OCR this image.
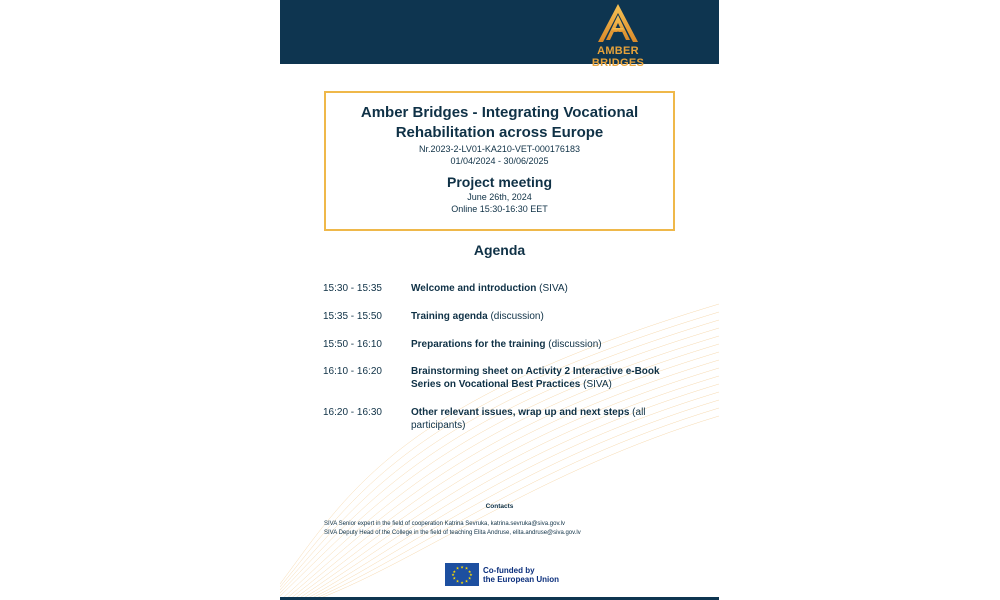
AMBER BRIDGES
Amber Bridges - Integrating Vocational
Rehabilitation across Europe
Nr.2023-2-LV01-KA210-VET-000176183
01/04/2024 - 30/06/2025
Project meeting
June 26th, 2024
Online 15:30-16:30 EET
Agenda
15:30 - 15:35	Welcome and introduction (SIVA)
15:35 - 15:50	Training agenda (discussion)
15:50 - 16:10	Preparations for the training (discussion)
16:10 - 16:20	Brainstorming sheet on Activity 2 Interactive e-Book Series on Vocational Best Practices (SIVA)
16:20 - 16:30	Other relevant issues, wrap up and next steps (all participants)
Contacts
SIVA Senior expert in the field of cooperation Katrina Sevruka, katrina.sevruka@siva.gov.lv
SIVA Deputy Head of the College in the field of teaching Elita Andruse, elita.andruse@siva.gov.lv
★ ★
★
★
★
★
★
★
★
★
★
★	Co-funded by
the European Union
